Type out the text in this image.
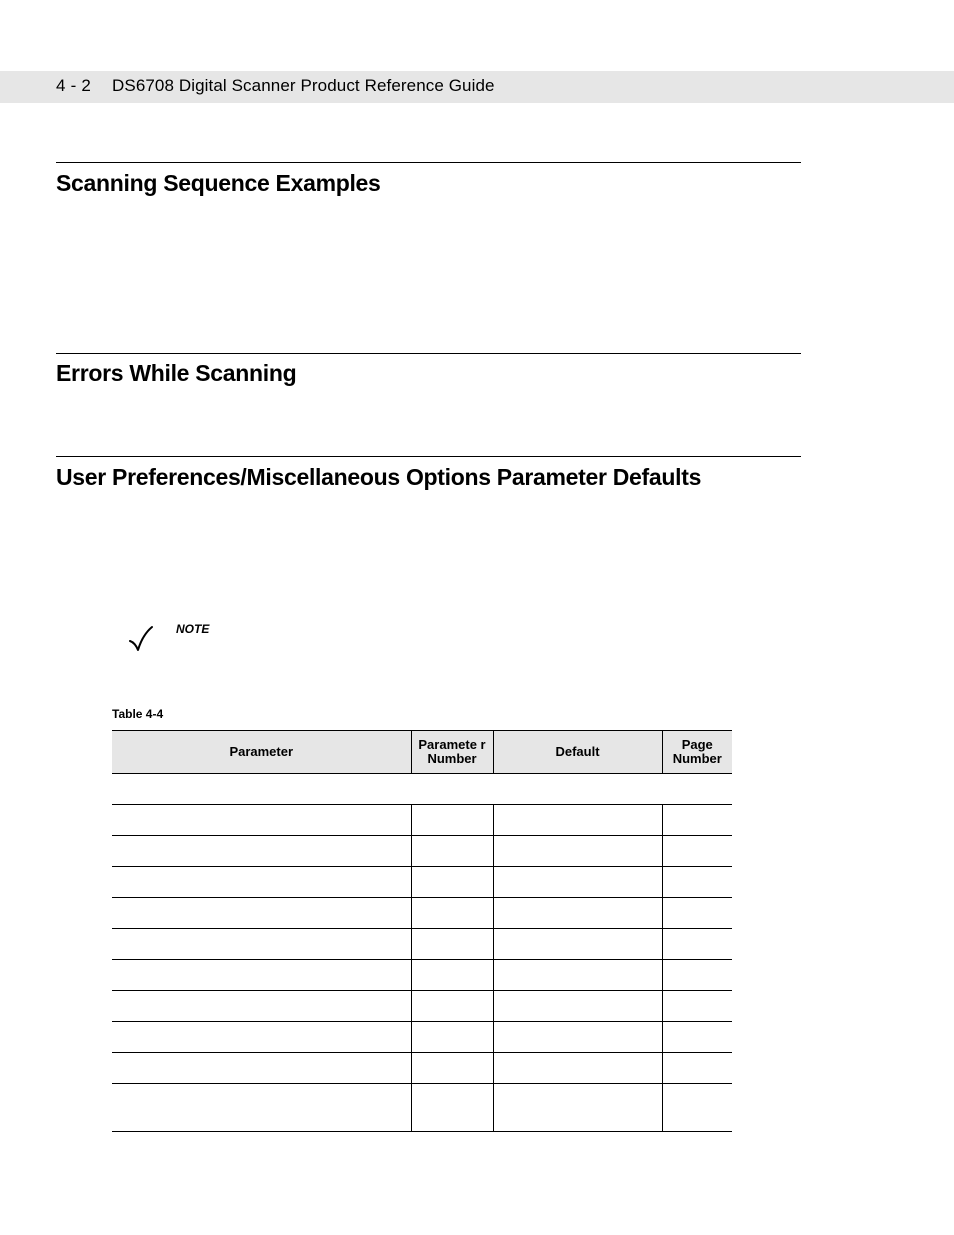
4 - 2 DS6708 Digital Scanner Product Reference Guide
Scanning Sequence Examples
Errors While Scanning
User Preferences/Miscellaneous Options Parameter Defaults
NOTE
Table 4-4
Parameter	Paramete r Number	Default	Page Number
